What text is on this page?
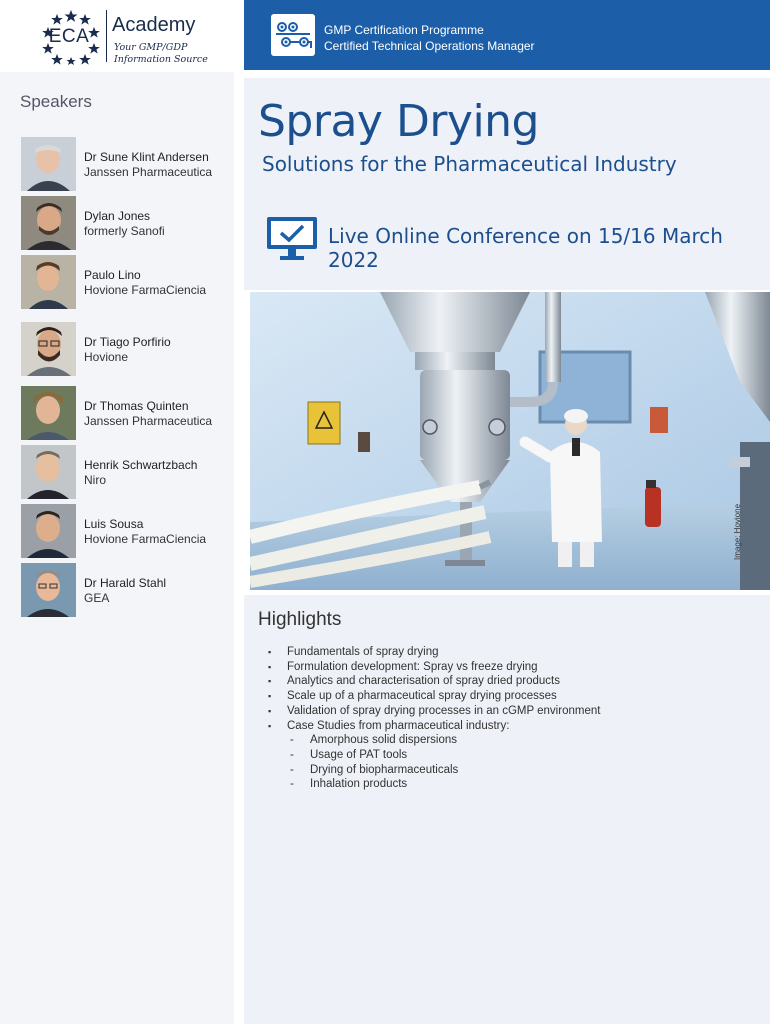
ECA
Academy
Your GMP/GDP
Information Source
GMP Certification Programme
Certified Technical Operations Manager
Speakers
Dr Sune Klint Andersen
Janssen Pharmaceutica
Dylan Jones
formerly Sanofi
Paulo Lino
Hovione FarmaCiencia
Dr Tiago Porfirio
Hovione
Dr Thomas Quinten
Janssen Pharmaceutica
Henrik Schwartzbach
Niro
Luis Sousa
Hovione FarmaCiencia
Dr Harald Stahl
GEA
Spray Drying
Solutions for the Pharmaceutical Industry
Live Online Conference on 15/16 March 2022
Image: Hovione
Highlights
▪ Fundamentals of spray drying
▪ Formulation development: Spray vs freeze drying
▪ Analytics and characterisation of spray dried products
▪ Scale up of a pharmaceutical spray drying processes
▪ Validation of spray drying processes in an cGMP environment
▪ Case Studies from pharmaceutical industry:
- Amorphous solid dispersions
- Usage of PAT tools
- Drying of biopharmaceuticals
- Inhalation products
